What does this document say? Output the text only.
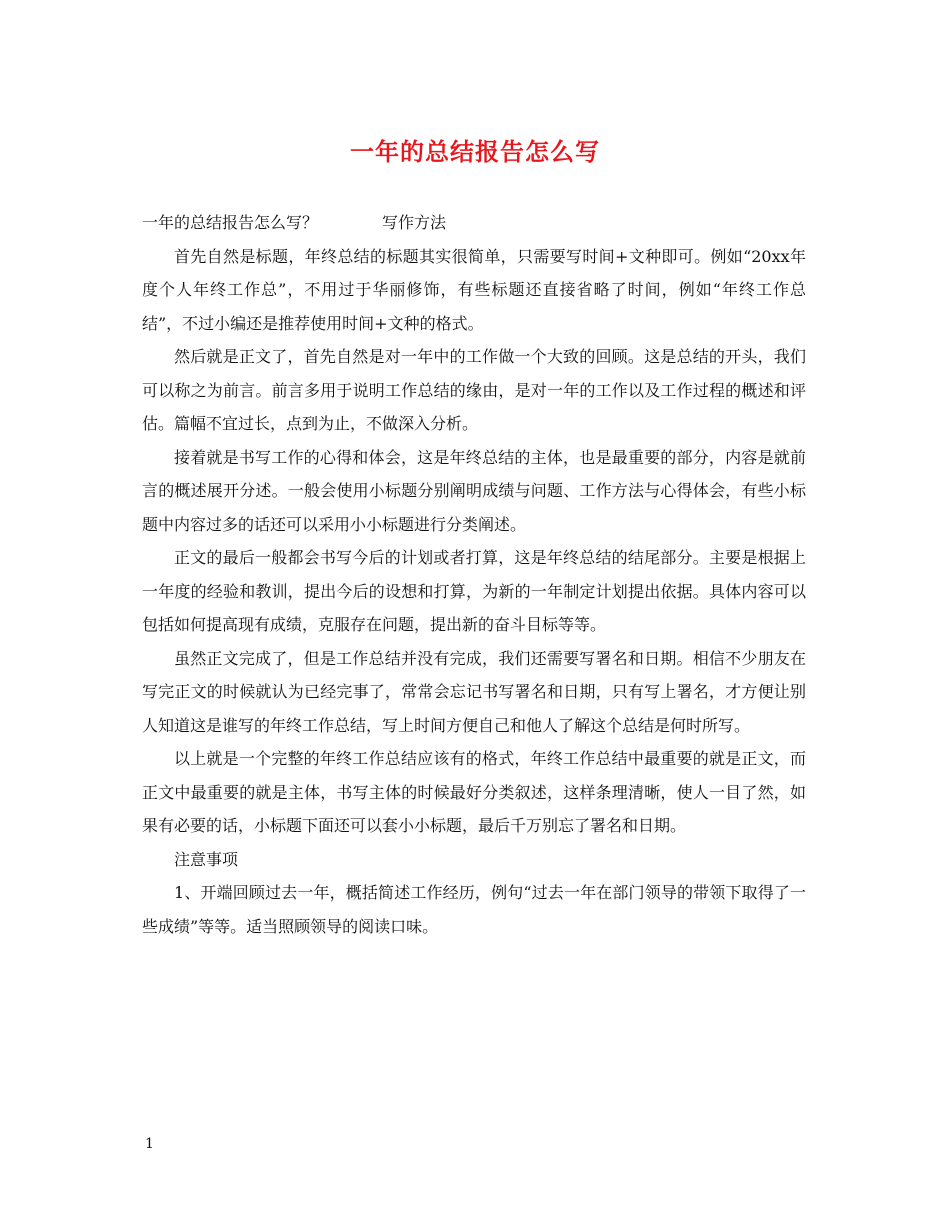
一年的总结报告怎么写
一年的总结报告怎么写？	写作方法

首先自然是标题，年终总结的标题其实很简单，只需要写时间+文种即可。例如“20xx年度个人年终工作总”，不用过于华丽修饰，有些标题还直接省略了时间，例如“年终工作总结”，不过小编还是推荐使用时间+文种的格式。

然后就是正文了，首先自然是对一年中的工作做一个大致的回顾。这是总结的开头，我们可以称之为前言。前言多用于说明工作总结的缘由，是对一年的工作以及工作过程的概述和评估。篇幅不宜过长，点到为止，不做深入分析。

接着就是书写工作的心得和体会，这是年终总结的主体，也是最重要的部分，内容是就前言的概述展开分述。一般会使用小标题分别阐明成绩与问题、工作方法与心得体会，有些小标题中内容过多的话还可以采用小小标题进行分类阐述。

正文的最后一般都会书写今后的计划或者打算，这是年终总结的结尾部分。主要是根据上一年度的经验和教训，提出今后的设想和打算，为新的一年制定计划提出依据。具体内容可以包括如何提高现有成绩，克服存在问题，提出新的奋斗目标等等。

虽然正文完成了，但是工作总结并没有完成，我们还需要写署名和日期。相信不少朋友在写完正文的时候就认为已经完事了，常常会忘记书写署名和日期，只有写上署名，才方便让别人知道这是谁写的年终工作总结，写上时间方便自己和他人了解这个总结是何时所写。

以上就是一个完整的年终工作总结应该有的格式，年终工作总结中最重要的就是正文，而正文中最重要的就是主体，书写主体的时候最好分类叙述，这样条理清晰，使人一目了然，如果有必要的话，小标题下面还可以套小小标题，最后千万别忘了署名和日期。

注意事项

1、开端回顾过去一年，概括简述工作经历，例句“过去一年在部门领导的带领下取得了一些成绩”等等。适当照顾领导的阅读口味。

1
